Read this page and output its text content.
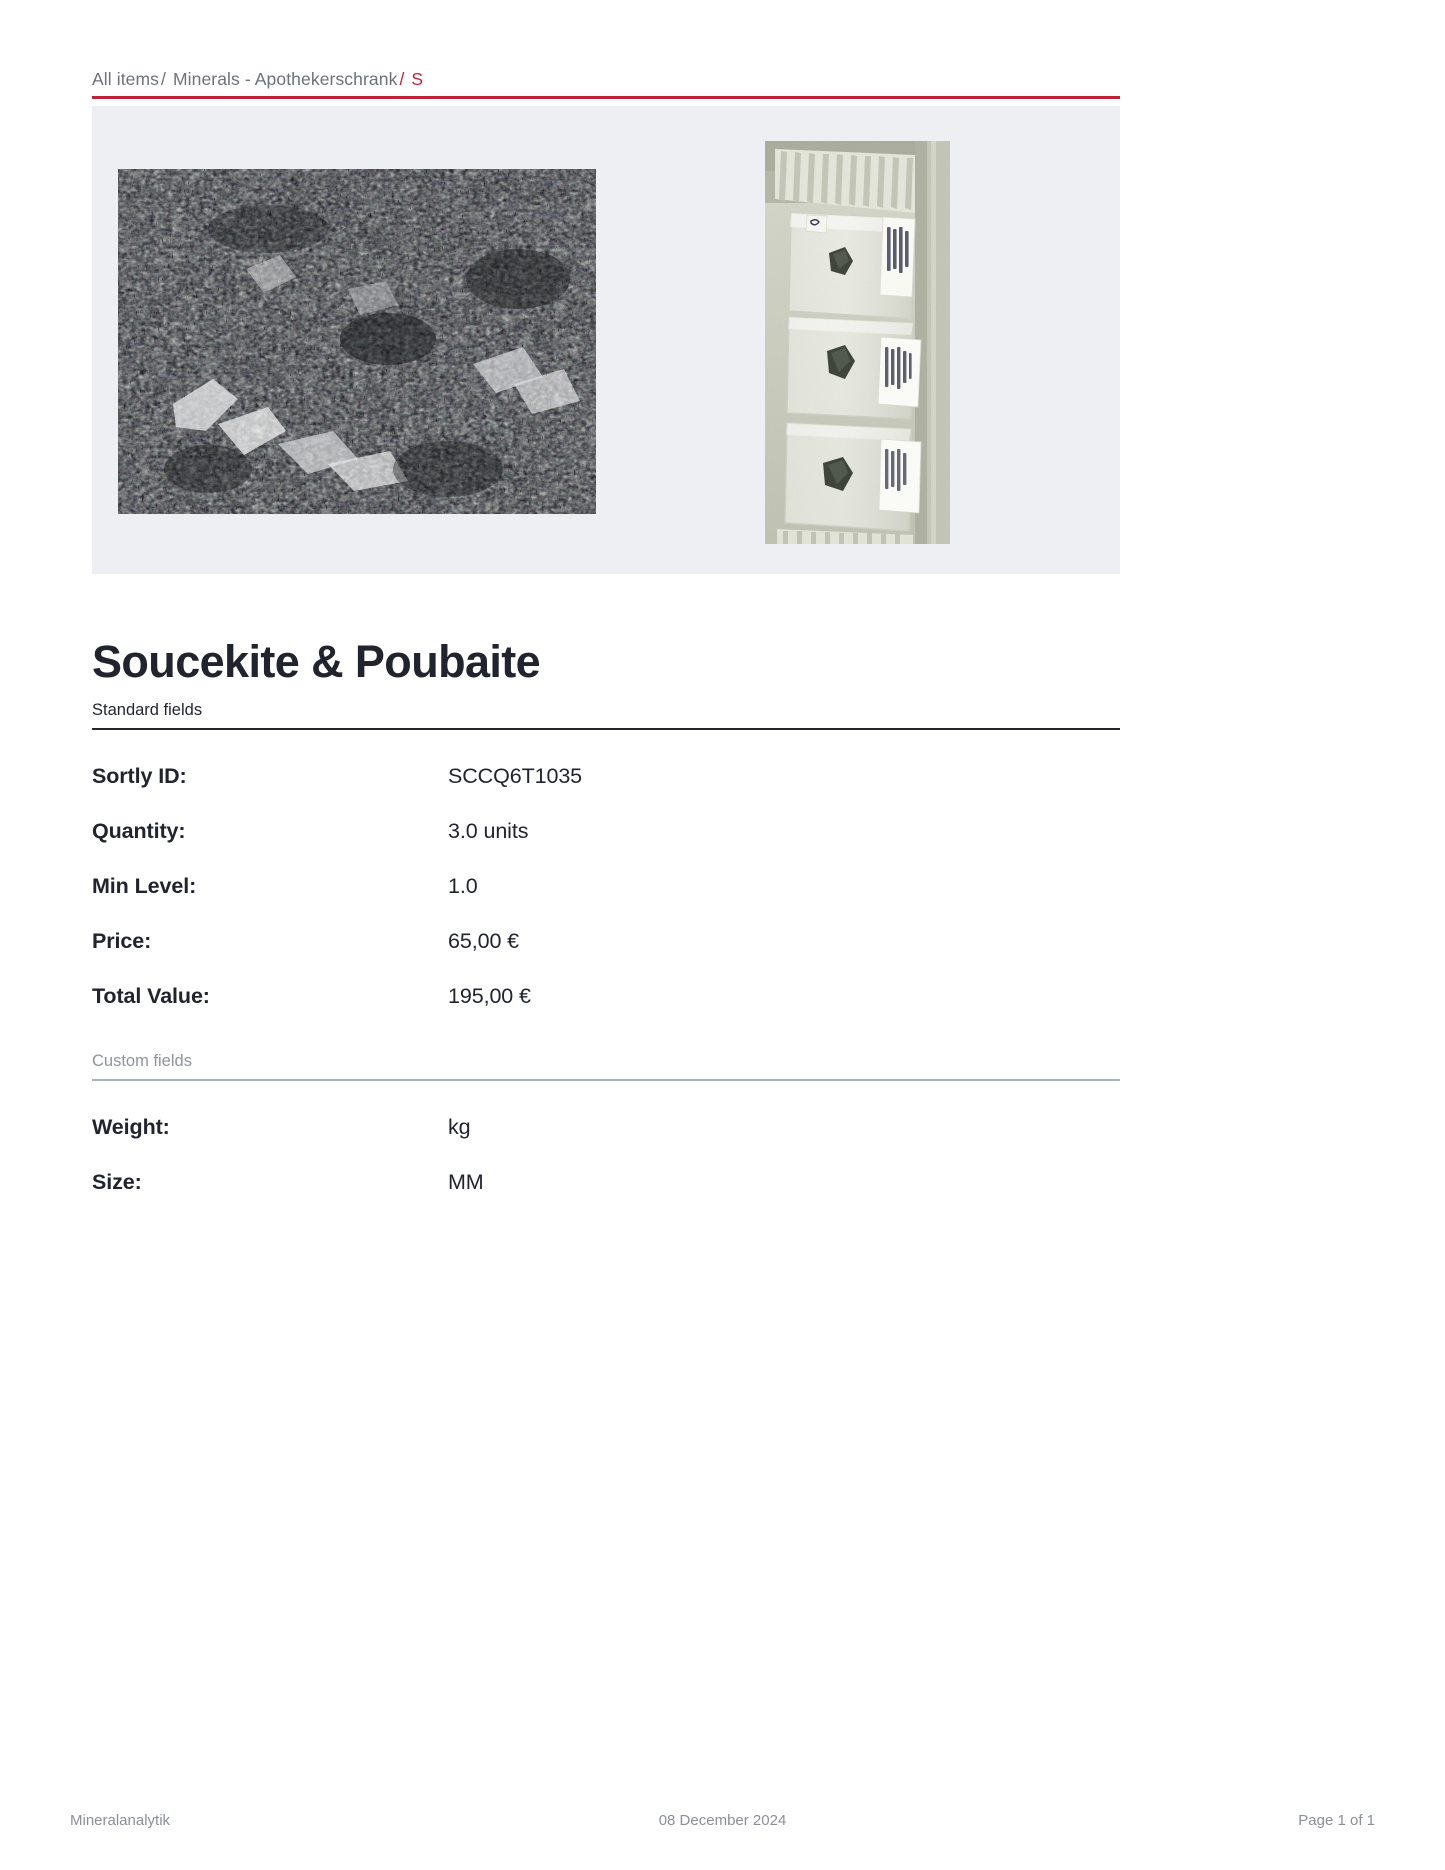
All items / Minerals - Apothekerschrank / S
Soucekite & Poubaite
Standard fields
Sortly ID:	SCCQ6T1035
Quantity:	3.0 units
Min Level:	1.0
Price:	65,00 €
Total Value:	195,00 €
Custom fields
Weight:	kg
Size:	MM
Mineralanalytik	08 December 2024	Page 1 of 1
